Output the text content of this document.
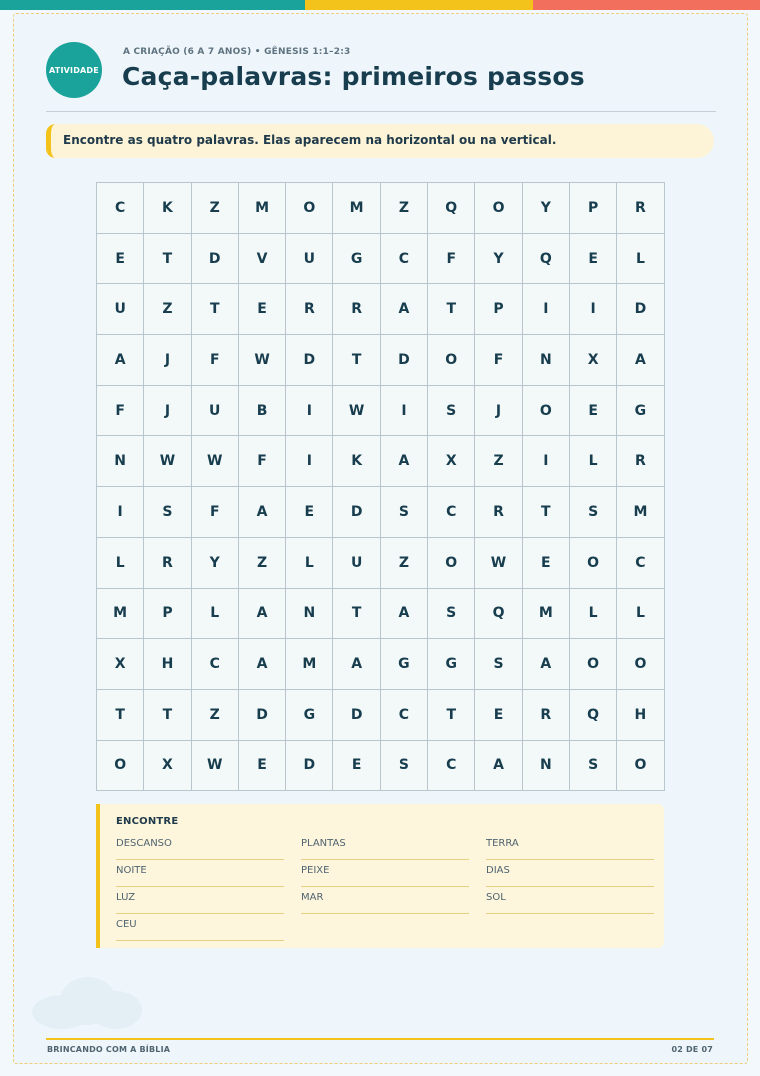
ATIVIDADE
A CRIAÇÃO (6 A 7 ANOS) • GÊNESIS 1:1–2:3
Caça-palavras: primeiros passos
Encontre as quatro palavras. Elas aparecem na horizontal ou na vertical.
C	K	Z	M	O	M	Z	Q	O	Y	P	R
E	T	D	V	U	G	C	F	Y	Q	E	L
U	Z	T	E	R	R	A	T	P	I	I	D
A	J	F	W	D	T	D	O	F	N	X	A
F	J	U	B	I	W	I	S	J	O	E	G
N	W	W	F	I	K	A	X	Z	I	L	R
I	S	F	A	E	D	S	C	R	T	S	M
L	R	Y	Z	L	U	Z	O	W	E	O	C
M	P	L	A	N	T	A	S	Q	M	L	L
X	H	C	A	M	A	G	G	S	A	O	O
T	T	Z	D	G	D	C	T	E	R	Q	H
O	X	W	E	D	E	S	C	A	N	S	O
ENCONTRE
DESCANSO	PLANTAS	TERRA
NOITE	PEIXE	DIAS
LUZ	MAR	SOL
CEU
BRINCANDO COM A BÍBLIA	02 DE 07
